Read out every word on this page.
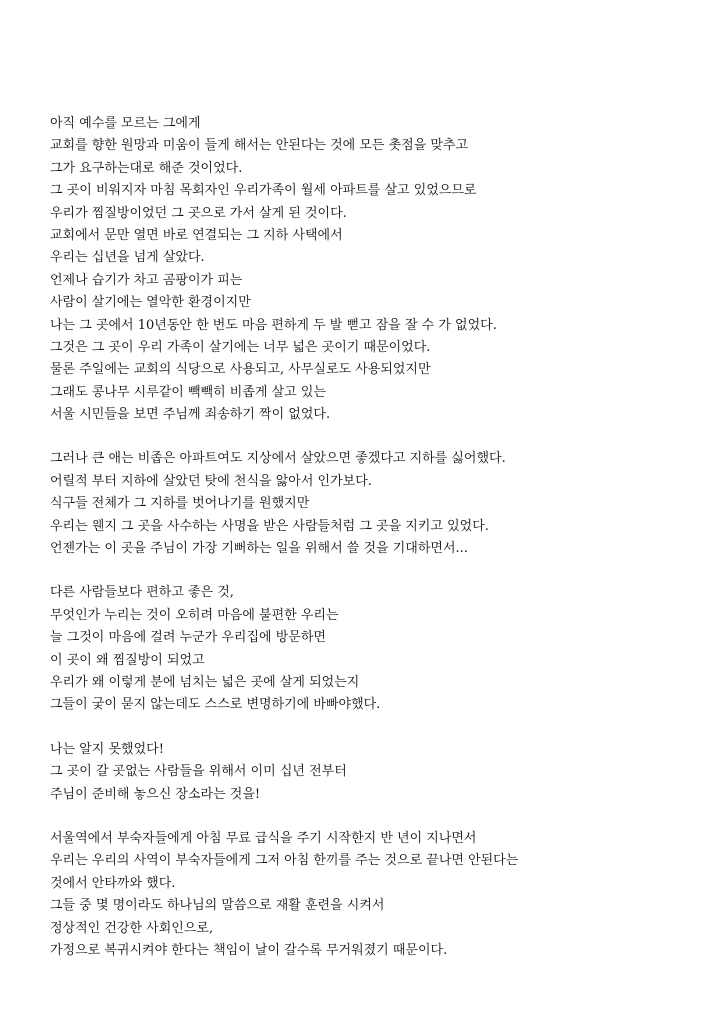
아직 예수를 모르는 그에게
교회를 향한 원망과 미움이 들게 해서는 안된다는 것에 모든 촛점을 맞추고
그가 요구하는대로 해준 것이었다.
그 곳이 비워지자 마침 목회자인 우리가족이 월세 아파트를 살고 있었으므로
우리가 찜질방이었던 그 곳으로 가서 살게 된 것이다.
교회에서 문만 열면 바로 연결되는 그 지하 사택에서
우리는 십년을 넘게 살았다.
언제나 습기가 차고 곰팡이가 피는
사람이 살기에는 열악한 환경이지만
나는 그 곳에서 10년동안 한 번도 마음 편하게 두 발 뻗고 잠을 잘 수 가 없었다.
그것은 그 곳이 우리 가족이 살기에는 너무 넓은 곳이기 때문이었다.
물론 주일에는 교회의 식당으로 사용되고, 사무실로도 사용되었지만
그래도 콩나무 시루같이 빽빽히 비좁게 살고 있는
서울 시민들을 보면 주님께 죄송하기 짝이 없었다.
그러나 큰 애는 비좁은 아파트여도 지상에서 살았으면 좋겠다고 지하를 싫어했다.
어릴적 부터 지하에 살았던 탓에 천식을 앓아서 인가보다.
식구들 전체가 그 지하를 벗어나기를 원했지만
우리는 웬지 그 곳을 사수하는 사명을 받은 사람들처럼 그 곳을 지키고 있었다.
언젠가는 이 곳을 주님이 가장 기뻐하는 일을 위해서 쓸 것을 기대하면서...
다른 사람들보다 편하고 좋은 것,
무엇인가 누리는 것이 오히려 마음에 불편한 우리는
늘 그것이 마음에 걸려 누군가 우리집에 방문하면
이 곳이 왜 찜질방이 되었고
우리가 왜 이렇게 분에 넘치는 넓은 곳에 살게 되었는지
그들이 궂이 묻지 않는데도 스스로 변명하기에 바빠야했다.
나는 알지 못했었다!
그 곳이 갈 곳없는 사람들을 위해서 이미 십년 전부터
주님이 준비해 놓으신 장소라는 것을!
서울역에서 부숙자들에게 아침 무료 급식을 주기 시작한지 반 년이 지나면서
우리는 우리의 사역이 부숙자들에게 그저 아침 한끼를 주는 것으로 끝나면 안된다는
것에서 안타까와 했다.
그들 중 몇 명이라도 하나님의 말씀으로 재활 훈련을 시켜서
정상적인 건강한 사회인으로,
가정으로 복귀시켜야 한다는 책임이 날이 갈수록 무거워졌기 때문이다.
